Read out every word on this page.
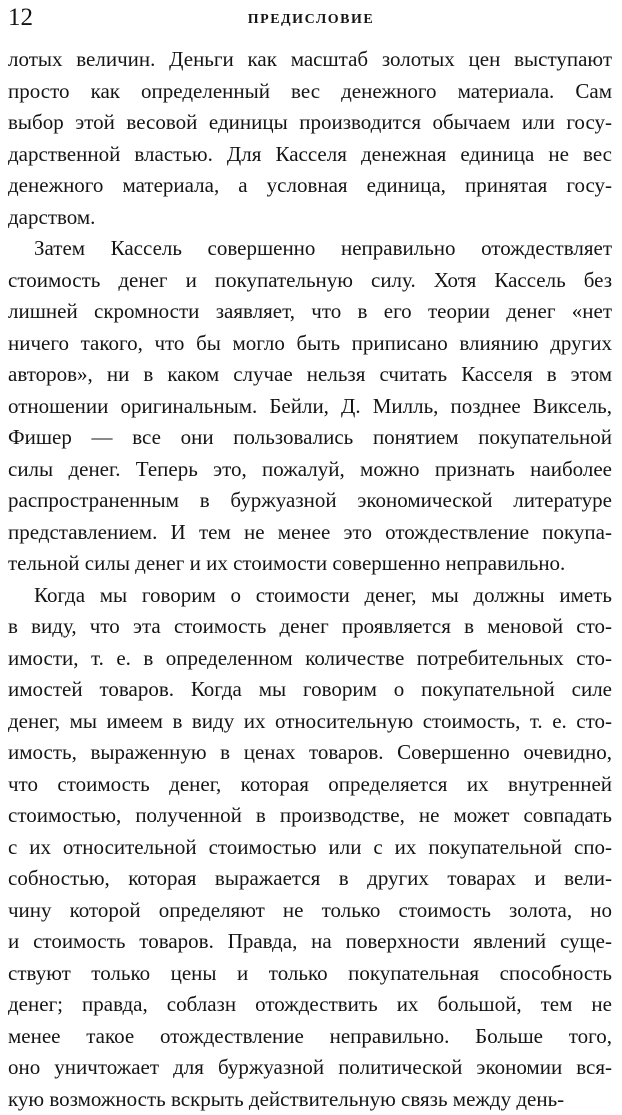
12	ПРЕДИСЛОВИЕ
лотых величин. Деньги как масштаб золотых цен выступают
просто как определенный вес денежного материала. Сам
выбор этой весовой единицы производится обычаем или госу-
дарственной властью. Для Касселя денежная единица не вес
денежного материала, а условная единица, принятая госу-
дарством.
Затем Кассель совершенно неправильно отождествляет
стоимость денег и покупательную силу. Хотя Кассель без
лишней скромности заявляет, что в его теории денег «нет
ничего такого, что бы могло быть приписано влиянию других
авторов», ни в каком случае нельзя считать Касселя в этом
отношении оригинальным. Бейли, Д. Милль, позднее Виксель,
Фишер — все они пользовались понятием покупательной
силы денег. Теперь это, пожалуй, можно признать наиболее
распространенным в буржуазной экономической литературе
представлением. И тем не менее это отождествление покупа-
тельной силы денег и их стоимости совершенно неправильно.
Когда мы говорим о стоимости денег, мы должны иметь
в виду, что эта стоимость денег проявляется в меновой сто-
имости, т. е. в определенном количестве потребительных сто-
имостей товаров. Когда мы говорим о покупательной силе
денег, мы имеем в виду их относительную стоимость, т. е. сто-
имость, выраженную в ценах товаров. Совершенно очевидно,
что стоимость денег, которая определяется их внутренней
стоимостью, полученной в производстве, не может совпадать
с их относительной стоимостью или с их покупательной спо-
собностью, которая выражается в других товарах и вели-
чину которой определяют не только стоимость золота, но
и стоимость товаров. Правда, на поверхности явлений суще-
ствуют только цены и только покупательная способность
денег; правда, соблазн отождествить их большой, тем не
менее такое отождествление неправильно. Больше того,
оно уничтожает для буржуазной политической экономии вся-
кую возможность вскрыть действительную связь между день-
